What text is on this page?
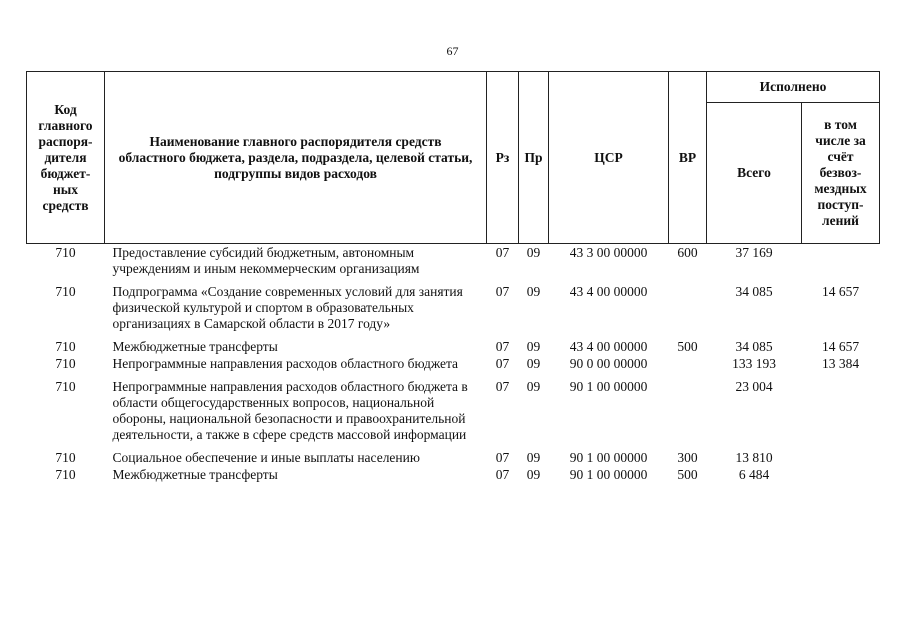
67
Код главного распоря-дителя бюджет-ных средств	Наименование главного распорядителя средств областного бюджета, раздела, подраздела, целевой статьи, подгруппы видов расходов	Рз	Пр	ЦСР	ВР	Исполнено	
						Всего	в том числе за счёт безвоз-мездных поступ-лений
710	Предоставление субсидий бюджетным, автономным учреждениям и иным некоммерческим организациям	07	09	43 3 00 00000	600	37 169	
710	Подпрограмма «Создание современных условий для занятия физической культурой и спортом в образовательных организациях в Самарской области в 2017 году»	07	09	43 4 00 00000		34 085	14 657
710	Межбюджетные трансферты	07	09	43 4 00 00000	500	34 085	14 657
710	Непрограммные направления расходов областного бюджета	07	09	90 0 00 00000		133 193	13 384
710	Непрограммные направления расходов областного бюджета в области общегосударственных вопросов, национальной обороны, национальной безопасности и правоохранительной деятельности, а также в сфере средств массовой информации	07	09	90 1 00 00000		23 004	
710	Социальное обеспечение и иные выплаты населению	07	09	90 1 00 00000	300	13 810	
710	Межбюджетные трансферты	07	09	90 1 00 00000	500	6 484	
